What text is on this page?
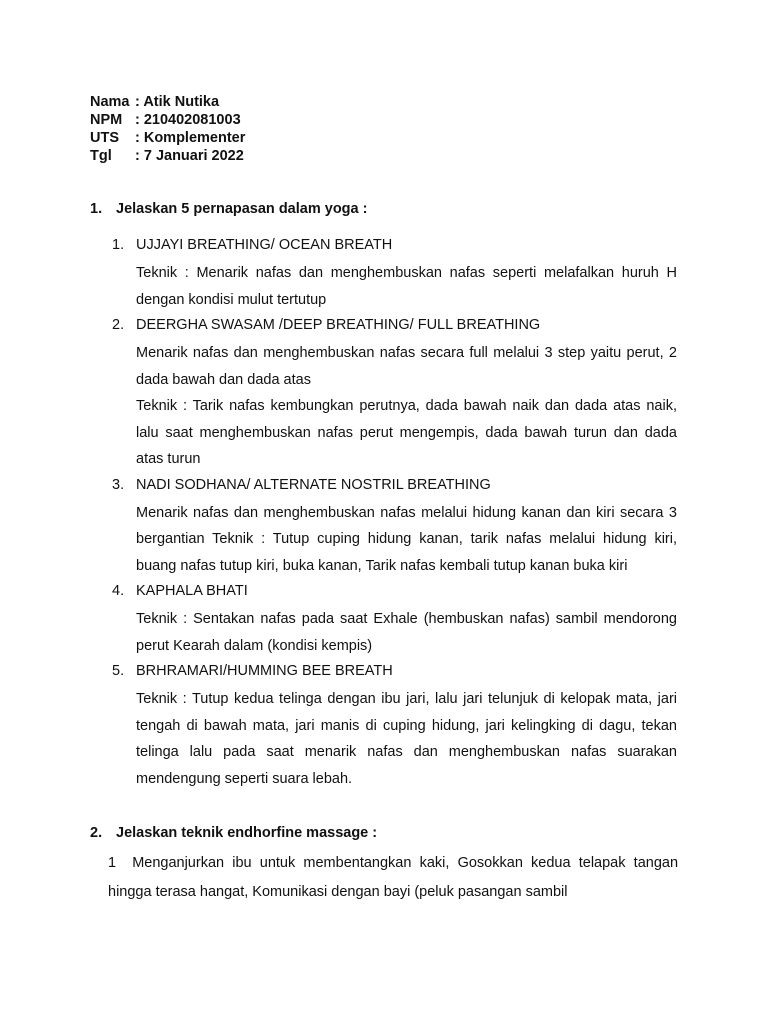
Nama : Atik Nutika
NPM : 210402081003
UTS	: Komplementer
Tgl	: 7 Januari 2022
1. Jelaskan 5 pernapasan dalam yoga :
1. UJJAYI BREATHING/ OCEAN BREATH
Teknik : Menarik nafas dan menghembuskan nafas seperti melafalkan huruh H dengan kondisi mulut tertutup
2. DEERGHA SWASAM /DEEP BREATHING/ FULL BREATHING
Menarik nafas dan menghembuskan nafas secara full melalui 3 step yaitu perut, 2 dada bawah dan dada atas
Teknik : Tarik nafas kembungkan perutnya, dada bawah naik dan dada atas naik, lalu saat menghembuskan nafas perut mengempis, dada bawah turun dan dada atas turun
3. NADI SODHANA/ ALTERNATE NOSTRIL BREATHING
Menarik nafas dan menghembuskan nafas melalui hidung kanan dan kiri secara 3 bergantian Teknik : Tutup cuping hidung kanan, tarik nafas melalui hidung kiri, buang nafas tutup kiri, buka kanan, Tarik nafas kembali tutup kanan buka kiri
4. KAPHALA BHATI
Teknik : Sentakan nafas pada saat Exhale (hembuskan nafas) sambil mendorong perut Kearah dalam (kondisi kempis)
5. BRHRAMARI/HUMMING BEE BREATH
Teknik : Tutup kedua telinga dengan ibu jari, lalu jari telunjuk di kelopak mata, jari tengah di bawah mata, jari manis di cuping hidung, jari kelingking di dagu, tekan telinga lalu pada saat menarik nafas dan menghembuskan nafas suarakan mendengung seperti suara lebah.
2. Jelaskan teknik endhorfine massage :
1 Menganjurkan ibu untuk membentangkan kaki, Gosokkan kedua telapak tangan hingga terasa hangat, Komunikasi dengan bayi (peluk pasangan sambil
